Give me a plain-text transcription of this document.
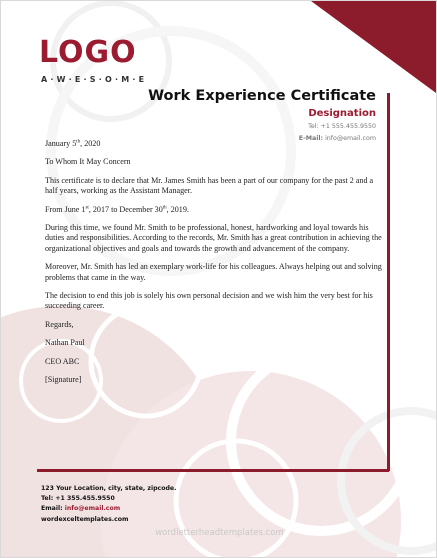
LOGO
A·W·E·S·O·M·E
Work Experience Certificate
Designation
Tel: +1 555.455.9550
E-Mail: info@email.com

January 5th, 2020

To Whom It May Concern

This certificate is to declare that Mr. James Smith has been a part of our company for the past 2 and a half years, working as the Assistant Manager.

From June 1st, 2017 to December 30th, 2019.

During this time, we found Mr. Smith to be professional, honest, hardworking and loyal towards his duties and responsibilities. According to the records, Mr. Smith has a great contribution in achieving the organizational objectives and goals and towards the growth and advancement of the company.

Moreover, Mr. Smith has led an exemplary work-life for his colleagues. Always helping out and solving problems that came in the way.

The decision to end this job is solely his own personal decision and we wish him the very best for his succeeding career.

Regards,

Nathan Paul

CEO ABC

[Signature]

123 Your Location, city, state, zipcode.
Tel: +1 355.455.9550
Email: info@email.com
wordexceltemplates.com
wordletterheadtemplates.com
